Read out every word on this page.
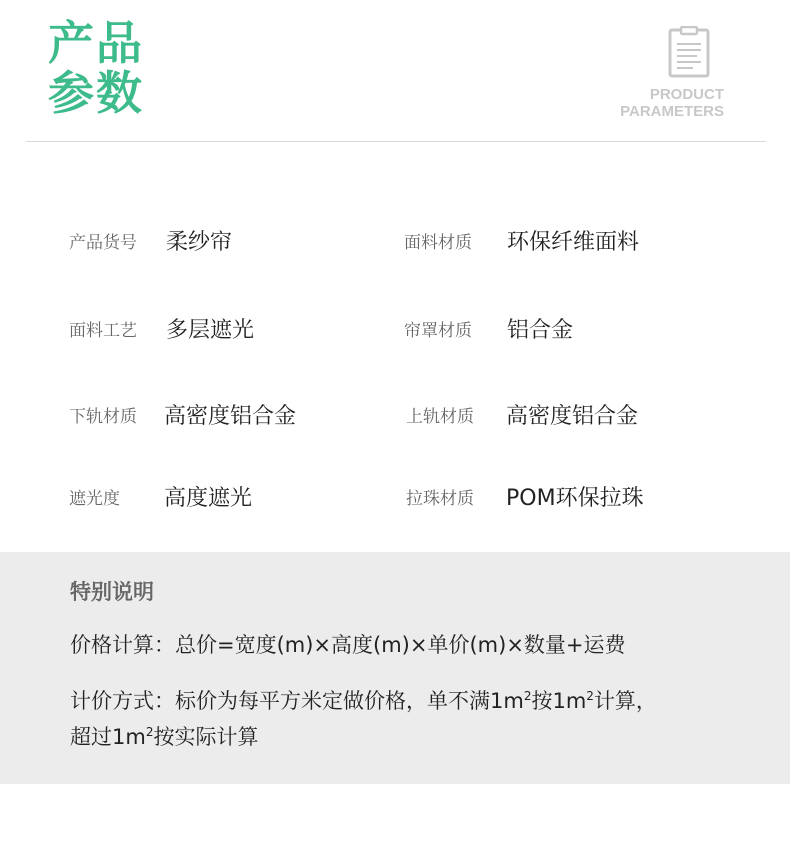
产品
参数	PRODUCT
PARAMETERS
产品货号 柔纱帘	面料材质 环保纤维面料
面料工艺 多层遮光	帘罩材质 铝合金
下轨材质 高密度铝合金	上轨材质 高密度铝合金
遮光度 高度遮光	拉珠材质 POM环保拉珠
特别说明
价格计算：总价=宽度(m)×高度(m)×单价(m)×数量+运费
计价方式：标价为每平方米定做价格，单不满$1m^2$按$1m^2$计算，
超过$1m^2$按实际计算
